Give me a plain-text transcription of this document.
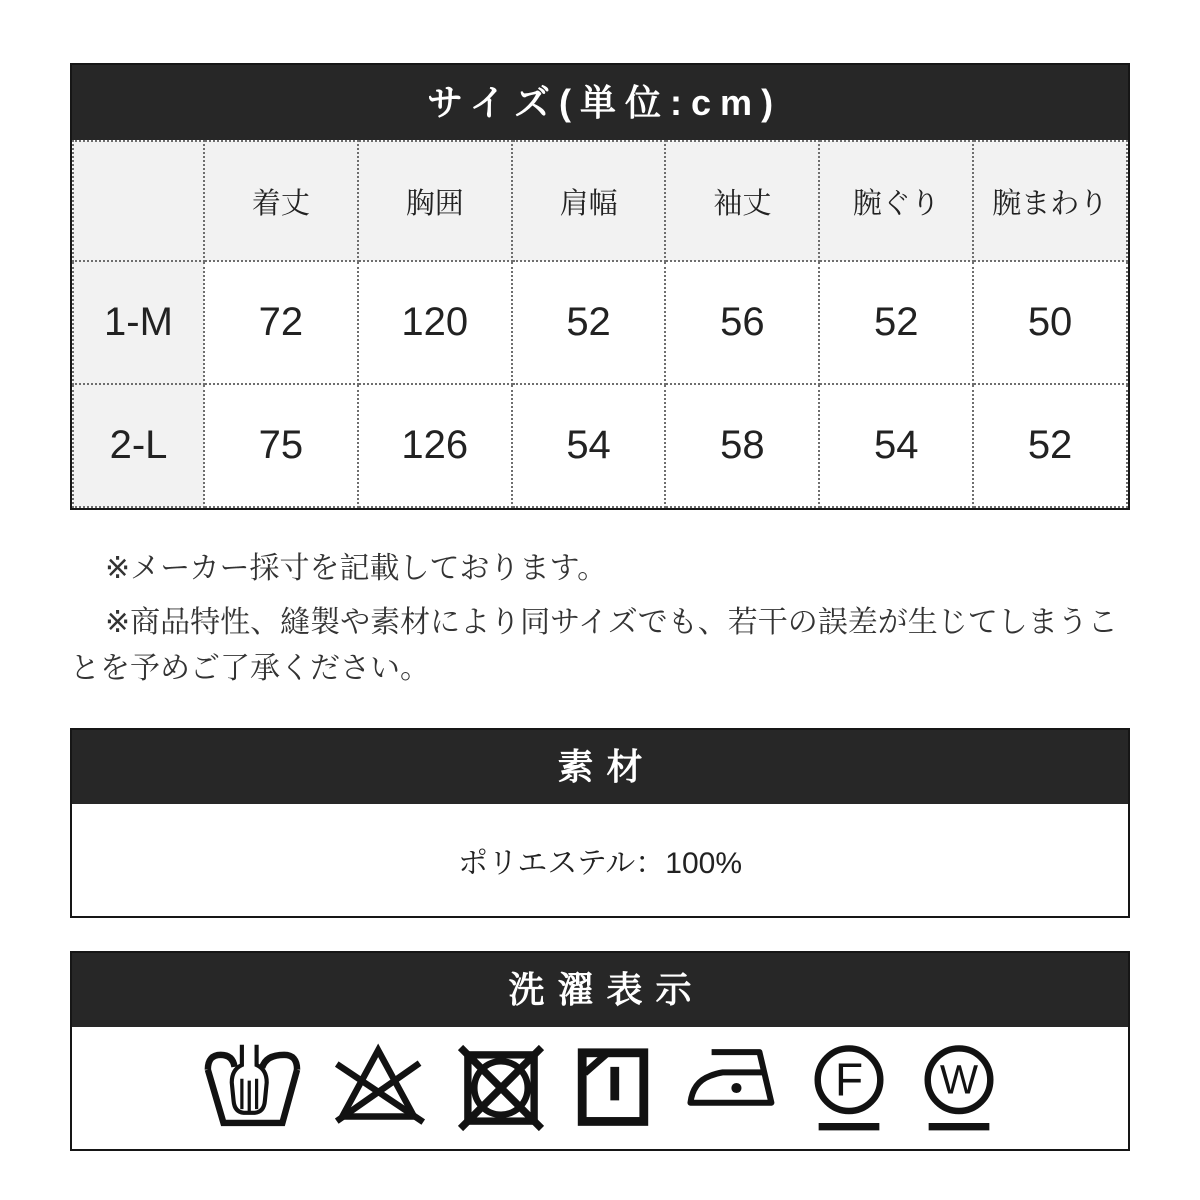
サイズ(単位:cm)
	着丈	胸囲	肩幅	袖丈	腕ぐり	腕まわり
1-M	72	120	52	56	52	50
2-L	75	126	54	58	54	52

※メーカー採寸を記載しております。

※商品特性、縫製や素材により同サイズでも、若干の誤差が生じてしまうことを予めご了承ください。

素材
ポリエステル：100%
洗濯表示
F W
